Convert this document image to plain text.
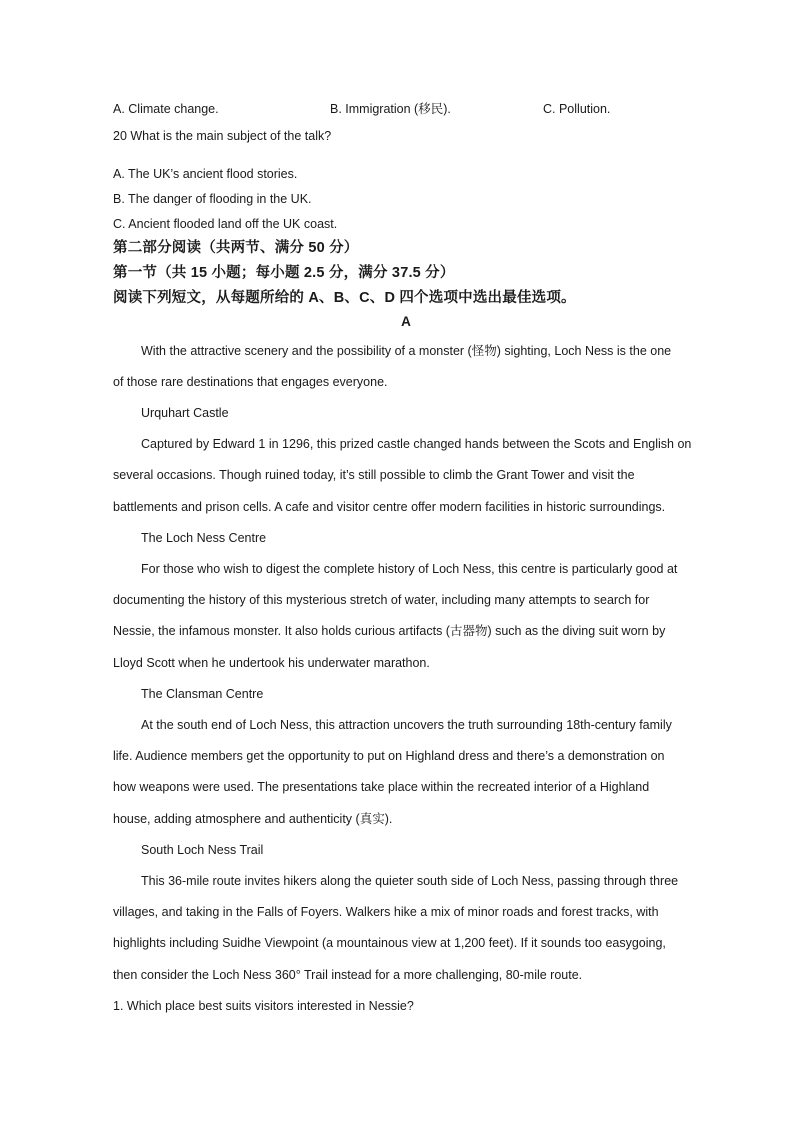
A. Climate change.	B. Immigration (移民).	C. Pollution.
20 What is the main subject of the talk?
A. The UK’s ancient flood stories.
B. The danger of flooding in the UK.
C. Ancient flooded land off the UK coast.
第二部分阅读（共两节、满分 50 分）
第一节（共 15 小题；每小题 2.5 分，满分 37.5 分）
阅读下列短文，从每题所给的 A、B、C、D 四个选项中选出最佳选项。
A
With the attractive scenery and the possibility of a monster (怪物) sighting, Loch Ness is the one
of those rare destinations that engages everyone.
Urquhart Castle
Captured by Edward 1 in 1296, this prized castle changed hands between the Scots and English on
several occasions. Though ruined today, it’s still possible to climb the Grant Tower and visit the
battlements and prison cells. A cafe and visitor centre offer modern facilities in historic surroundings.
The Loch Ness Centre
For those who wish to digest the complete history of Loch Ness, this centre is particularly good at
documenting the history of this mysterious stretch of water, including many attempts to search for
Nessie, the infamous monster. It also holds curious artifacts (古器物) such as the diving suit worn by
Lloyd Scott when he undertook his underwater marathon.
The Clansman Centre
At the south end of Loch Ness, this attraction uncovers the truth surrounding 18th-century family
life. Audience members get the opportunity to put on Highland dress and there’s a demonstration on
how weapons were used. The presentations take place within the recreated interior of a Highland
house, adding atmosphere and authenticity (真实).
South Loch Ness Trail
This 36-mile route invites hikers along the quieter south side of Loch Ness, passing through three
villages, and taking in the Falls of Foyers. Walkers hike a mix of minor roads and forest tracks, with
highlights including Suidhe Viewpoint (a mountainous view at 1,200 feet). If it sounds too easygoing,
then consider the Loch Ness 360° Trail instead for a more challenging, 80-mile route.
1. Which place best suits visitors interested in Nessie?
